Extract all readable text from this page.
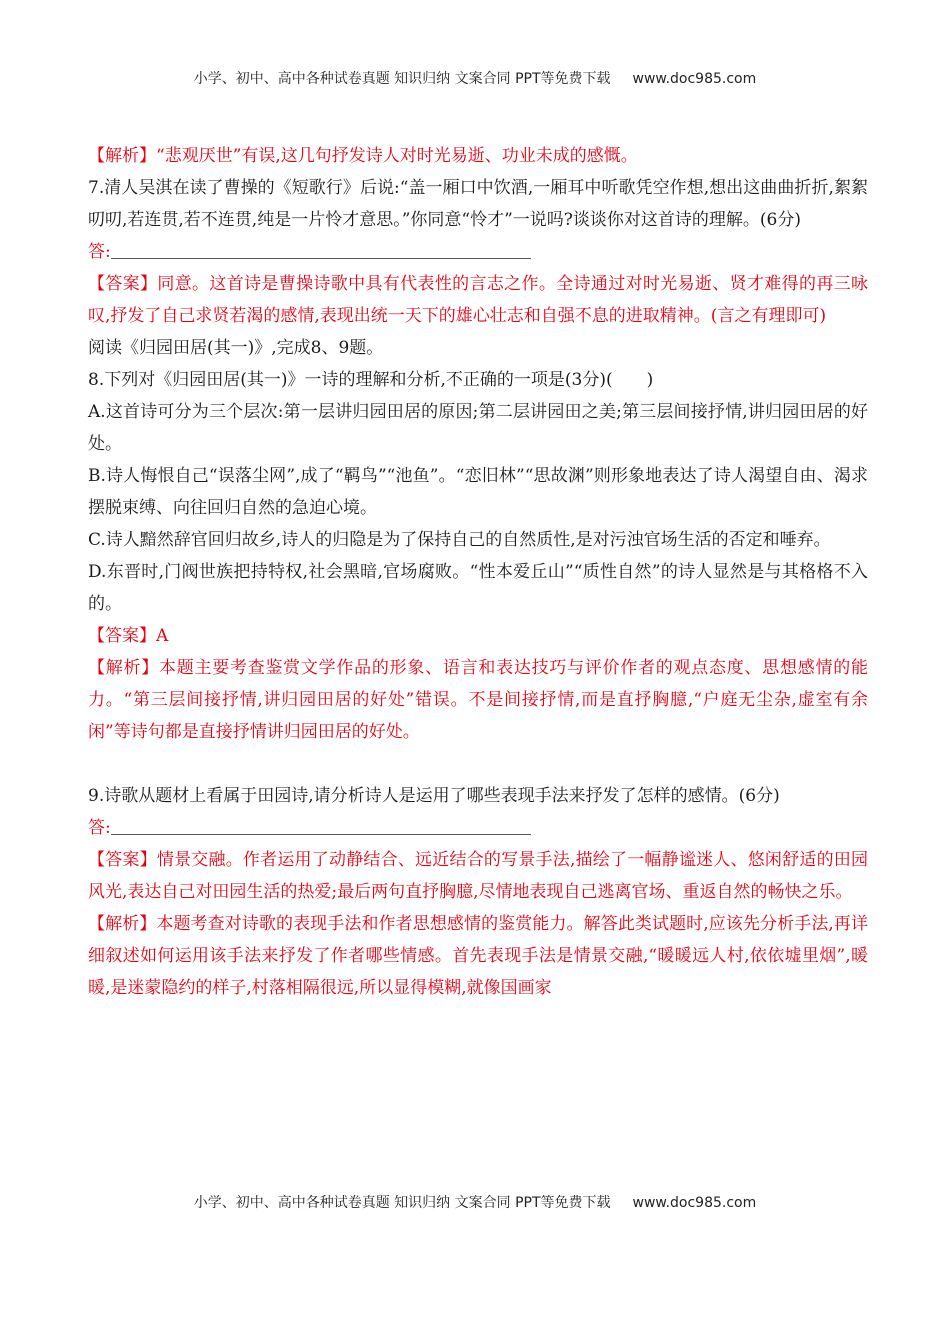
小学、初中、高中各种试卷真题 知识归纳 文案合同 PPT等免费下载 www.doc985.com

【解析】“悲观厌世”有误,这几句抒发诗人对时光易逝、功业未成的感慨。

7.清人吴淇在读了曹操的《短歌行》后说:“盖一厢口中饮酒,一厢耳中听歌凭空作想,想出这曲曲折折,絮絮叨叨,若连贯,若不连贯,纯是一片怜才意思。”你同意“怜才”一说吗?谈谈你对这首诗的理解。(6分)

答:

【答案】同意。这首诗是曹操诗歌中具有代表性的言志之作。全诗通过对时光易逝、贤才难得的再三咏叹,抒发了自己求贤若渴的感情,表现出统一天下的雄心壮志和自强不息的进取精神。(言之有理即可)

阅读《归园田居(其一)》,完成8、9题。

8.下列对《归园田居(其一)》一诗的理解和分析,不正确的一项是(3分)(　　)

A.这首诗可分为三个层次:第一层讲归园田居的原因;第二层讲园田之美;第三层间接抒情,讲归园田居的好处。

B.诗人悔恨自己“误落尘网”,成了“羁鸟”“池鱼”。“恋旧林”“思故渊”则形象地表达了诗人渴望自由、渴求摆脱束缚、向往回归自然的急迫心境。

C.诗人黯然辞官回归故乡,诗人的归隐是为了保持自己的自然质性,是对污浊官场生活的否定和唾弃。

D.东晋时,门阀世族把持特权,社会黑暗,官场腐败。“性本爱丘山”“质性自然”的诗人显然是与其格格不入的。

【答案】A

【解析】本题主要考查鉴赏文学作品的形象、语言和表达技巧与评价作者的观点态度、思想感情的能力。“第三层间接抒情,讲归园田居的好处”错误。不是间接抒情,而是直抒胸臆,“户庭无尘杂,虚室有余闲”等诗句都是直接抒情讲归园田居的好处。

9.诗歌从题材上看属于田园诗,请分析诗人是运用了哪些表现手法来抒发了怎样的感情。(6分)

答:

【答案】情景交融。作者运用了动静结合、远近结合的写景手法,描绘了一幅静谧迷人、悠闲舒适的田园风光,表达自己对田园生活的热爱;最后两句直抒胸臆,尽情地表现自己逃离官场、重返自然的畅快之乐。

【解析】本题考查对诗歌的表现手法和作者思想感情的鉴赏能力。解答此类试题时,应该先分析手法,再详细叙述如何运用该手法来抒发了作者哪些情感。首先表现手法是情景交融,“暖暖远人村,依依墟里烟”,暖暖,是迷蒙隐约的样子,村落相隔很远,所以显得模糊,就像国画家

小学、初中、高中各种试卷真题 知识归纳 文案合同 PPT等免费下载 www.doc985.com
